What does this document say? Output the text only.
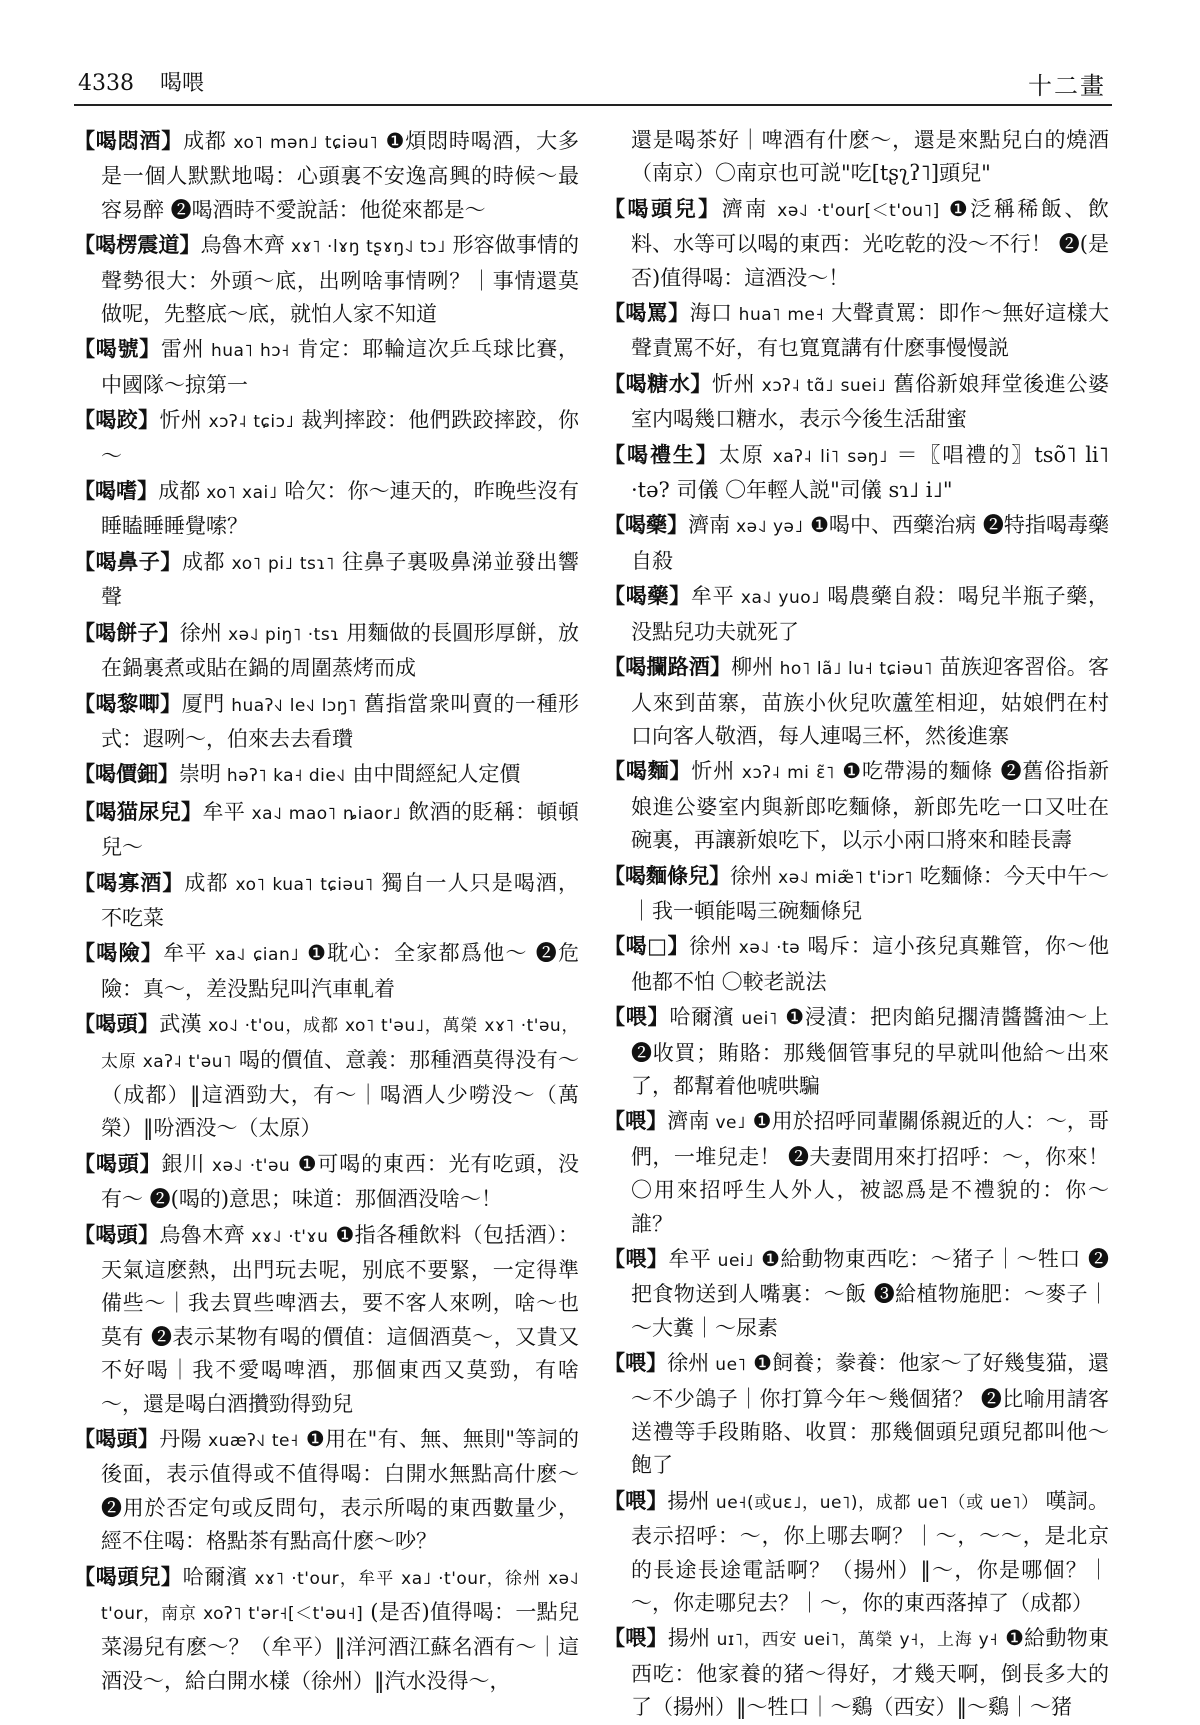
4338 喝喂	十二畫

【喝悶酒】成都 xo˥ mən˩ tɕiəu˥ ❶煩悶時喝酒，大多是一個人默默地喝：心頭裏不安逸高興的時候～最容易醉 ❷喝酒時不愛說話：他從來都是～

【喝楞震道】烏魯木齊 xɤ˥ ·lɤŋ tʂɤŋ˨˩ tɔ˩ 形容做事情的聲勢很大：外頭～底，出咧啥事情咧？｜事情還莫做呢，先整底～底，就怕人家不知道

【喝號】雷州 hua˥ hɔ˧ 肯定：耶輪這次乒乓球比賽，中國隊～掠第一

【喝跤】忻州 xɔʔ˨ tɕiɔ˩ 裁判摔跤：他們跌跤摔跤，你～

【喝嗜】成都 xo˥ xai˩ 哈欠：你～連天的，昨晚些沒有睡瞌睡睡覺嗦？

【喝鼻子】成都 xo˥ pi˩ tsɿ˥ 往鼻子裏吸鼻涕並發出響聲

【喝餅子】徐州 xə˨˩ piŋ˥ ·tsɿ 用麵做的長圓形厚餅，放在鍋裏煮或貼在鍋的周圍蒸烤而成

【喝黎唧】厦門 huaʔ˧˩ le˧˩ lɔŋ˥ 舊指當衆叫賣的一種形式：遐咧～，伯來去去看瓚

【喝價鈿】崇明 həʔ˥ ka˧ die˧˩ 由中間經紀人定價

【喝猫尿兒】牟平 xa˨˩ mao˥ ȵiaor˩ 飲酒的貶稱：頓頓兒～

【喝寡酒】成都 xo˥ kua˥ tɕiəu˥ 獨自一人只是喝酒，不吃菜

【喝險】牟平 xa˨˩ ɕian˩ ❶耽心：全家都爲他～ ❷危險：真～，差没點兒叫汽車軋着

【喝頭】武漢 xo˨˩ ·t'ou，成都 xo˥ t'əu˩，萬榮 xɤ˥ ·t'əu，太原 xaʔ˨ t'əu˥ 喝的價值、意義：那種酒莫得没有～（成都）‖這酒勁大，有～｜喝酒人少嘮没～（萬榮）‖吩酒没～（太原）

【喝頭】銀川 xə˨˩ ·t'əu ❶可喝的東西：光有吃頭，没有～ ❷(喝的)意思；味道：那個酒没啥～！

【喝頭】烏魯木齊 xɤ˨˩ ·t'ɤu ❶指各種飲料（包括酒）：天氣這麽熱，出門玩去呢，别底不要緊，一定得準備些～｜我去買些啤酒去，要不客人來咧，啥～也莫有 ❷表示某物有喝的價值：這個酒莫～，又貴又不好喝｜我不愛喝啤酒，那個東西又莫勁，有啥～，還是喝白酒攢勁得勁兒

【喝頭】丹陽 xuæʔ˧˩ te˧ ❶用在"有、無、無則"等詞的後面，表示值得或不值得喝：白開水無點高什麽～ ❷用於否定句或反問句，表示所喝的東西數量少，經不住喝：格點茶有點高什麽～吵？

【喝頭兒】哈爾濱 xɤ˥ ·t'our，牟平 xa˩ ·t'our，徐州 xə˨˩ t'our，南京 xoʔ˥ t'ər˧[＜t'əu˧] (是否)值得喝：一點兒菜湯兒有麽～？（牟平）‖洋河酒江蘇名酒有～｜這酒没～，給白開水樣（徐州）‖汽水没得～，

還是喝茶好｜啤酒有什麽～，還是來點兒白的燒酒（南京）〇南京也可説"吃[tʂʅʔ˥]頭兒"

【喝頭兒】濟南 xə˨˩ ·t'our[＜t'ou˥] ❶泛稱稀飯、飲料、水等可以喝的東西：光吃乾的没～不行！ ❷(是否)值得喝：這酒没～！

【喝罵】海口 hua˥ me˧ 大聲責罵：即作～無好這樣大聲責罵不好，有乜寬寬講有什麽事慢慢説

【喝糖水】忻州 xɔʔ˨ tɑ̃˩ suei˩ 舊俗新娘拜堂後進公婆室内喝幾口糖水，表示今後生活甜蜜

【喝禮生】太原 xaʔ˨ li˥ səŋ˩ ＝〖唱禮的〗tsõ˥ li˥ ·tə? 司儀 〇年輕人説"司儀 sɿ˩ i˩"

【喝藥】濟南 xə˨˩ yə˩ ❶喝中、西藥治病 ❷特指喝毒藥自殺

【喝藥】牟平 xa˨˩ yuo˩ 喝農藥自殺：喝兒半瓶子藥，没點兒功夫就死了

【喝攔路酒】柳州 ho˥ lã˩ lu˧ tɕiəu˥ 苗族迎客習俗。客人來到苗寨，苗族小伙兒吹蘆笙相迎，姑娘們在村口向客人敬酒，每人連喝三杯，然後進寨

【喝麵】忻州 xɔʔ˨ mi ɛ̃˥ ❶吃帶湯的麵條 ❷舊俗指新娘進公婆室内與新郎吃麵條，新郎先吃一口又吐在碗裏，再讓新娘吃下，以示小兩口將來和睦長壽

【喝麵條兒】徐州 xə˨˩ miæ̃˥ t'iɔr˥ 吃麵條：今天中午～｜我一頓能喝三碗麵條兒

【喝□】徐州 xə˨˩ ·tə 喝斥：這小孩兒真難管，你～他他都不怕 〇較老説法

【喂】哈爾濱 uei˥ ❶浸漬：把肉餡兒擱清醬醬油～上 ❷收買；賄賂：那幾個管事兒的早就叫他給～出來了，都幫着他唬哄騙

【喂】濟南 ve˩ ❶用於招呼同輩關係親近的人：～，哥們，一堆兒走！ ❷夫妻間用來打招呼：～，你來！〇用來招呼生人外人，被認爲是不禮貌的：你～誰？

【喂】牟平 uei˩ ❶給動物東西吃：～猪子｜～牲口 ❷把食物送到人嘴裏：～飯 ❸給植物施肥：～麥子｜～大糞｜～尿素

【喂】徐州 ue˥ ❶飼養；豢養：他家～了好幾隻猫，還～不少鴿子｜你打算今年～幾個猪？ ❷比喻用請客送禮等手段賄賂、收買：那幾個頭兒頭兒都叫他～飽了

【喂】揚州 ue˧(或uɛ˩，ue˥)，成都 ue˥（或 ue˥） 嘆詞。表示招呼：～，你上哪去啊？｜～，～～，是北京的長途長途電話啊？（揚州）‖～，你是哪個？｜～，你走哪兒去？｜～，你的東西落掉了（成都）

【喂】揚州 uɪ˥，西安 uei˥，萬榮 y˧，上海 y˧ ❶給動物東西吃：他家養的猪～得好，才幾天啊，倒長多大的了（揚州）‖～牲口｜～鷄（西安）‖～鷄｜～猪
